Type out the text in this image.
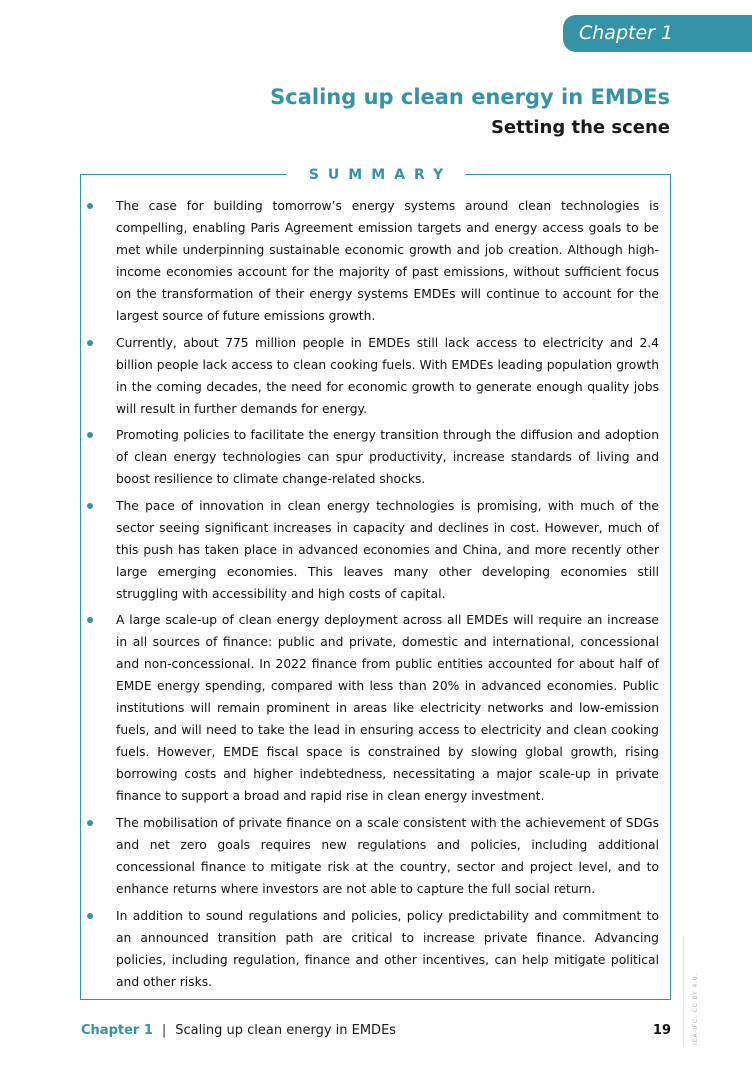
Chapter 1
Scaling up clean energy in EMDEs
Setting the scene
SUMMARY
The case for building tomorrow’s energy systems around clean technologies is compelling, enabling Paris Agreement emission targets and energy access goals to be met while underpinning sustainable economic growth and job creation. Although high-income economies account for the majority of past emissions, without sufficient focus on the transformation of their energy systems EMDEs will continue to account for the largest source of future emissions growth.
Currently, about 775 million people in EMDEs still lack access to electricity and 2.4 billion people lack access to clean cooking fuels. With EMDEs leading population growth in the coming decades, the need for economic growth to generate enough quality jobs will result in further demands for energy.
Promoting policies to facilitate the energy transition through the diffusion and adoption of clean energy technologies can spur productivity, increase standards of living and boost resilience to climate change-related shocks.
The pace of innovation in clean energy technologies is promising, with much of the sector seeing significant increases in capacity and declines in cost. However, much of this push has taken place in advanced economies and China, and more recently other large emerging economies. This leaves many other developing economies still struggling with accessibility and high costs of capital.
A large scale-up of clean energy deployment across all EMDEs will require an increase in all sources of finance: public and private, domestic and international, concessional and non-concessional. In 2022 finance from public entities accounted for about half of EMDE energy spending, compared with less than 20% in advanced economies. Public institutions will remain prominent in areas like electricity networks and low-emission fuels, and will need to take the lead in ensuring access to electricity and clean cooking fuels. However, EMDE fiscal space is constrained by slowing global growth, rising borrowing costs and higher indebtedness, necessitating a major scale-up in private finance to support a broad and rapid rise in clean energy investment.
The mobilisation of private finance on a scale consistent with the achievement of SDGs and net zero goals requires new regulations and policies, including additional concessional finance to mitigate risk at the country, sector and project level, and to enhance returns where investors are not able to capture the full social return.
In addition to sound regulations and policies, policy predictability and commitment to an announced transition path are critical to increase private finance. Advancing policies, including regulation, finance and other incentives, can help mitigate political and other risks.	IEA-IFC. CC BY 4.0.
Chapter 1 | Scaling up clean energy in EMDEs	19
